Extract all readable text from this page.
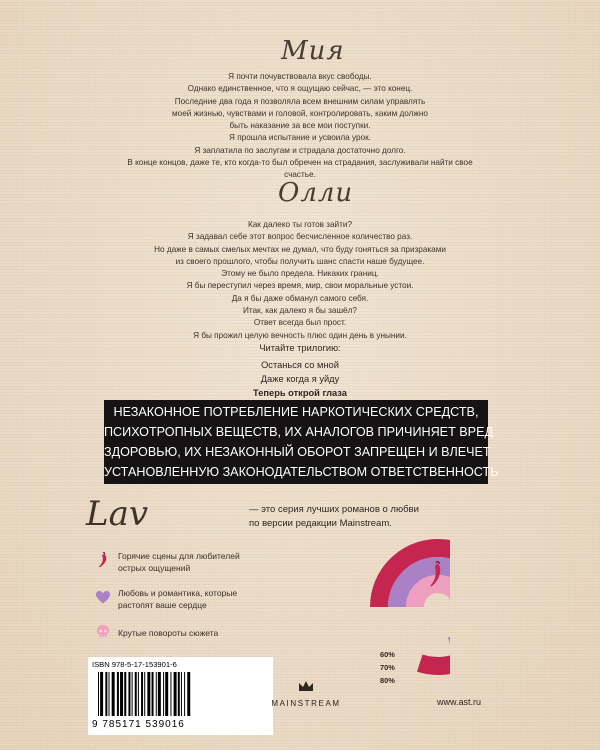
Мия
Я почти почувствовала вкус свободы.
Однако единственное, что я ощущаю сейчас, — это конец.
Последние два года я позволяла всем внешним силам управлять
моей жизнью, чувствами и головой, контролировать, каким должно
быть наказание за все мои поступки.
Я прошла испытание и усвоила урок.
Я заплатила по заслугам и страдала достаточно долго.
В конце концов, даже те, кто когда-то был обречен на страдания, заслуживали найти свое
счастье.
Олли
Как далеко ты готов зайти?
Я задавал себе этот вопрос бесчисленное количество раз.
Но даже в самых смелых мечтах не думал, что буду гоняться за призраками
из своего прошлого, чтобы получить шанс спасти наше будущее.
Этому не было предела. Никаких границ.
Я бы переступил через время, мир, свои моральные устои.
Да я бы даже обманул самого себя.
Итак, как далеко я бы зашёл?
Ответ всегда был прост.
Я бы прожил целую вечность плюс один день в унынии.
Читайте трилогию:
Останься со мной
Даже когда я уйду
Теперь открой глаза
НЕЗАКОННОЕ ПОТРЕБЛЕНИЕ НАРКОТИЧЕСКИХ СРЕДСТВ,
ПСИХОТРОПНЫХ ВЕЩЕСТВ, ИХ АНАЛОГОВ ПРИЧИНЯЕТ ВРЕД
ЗДОРОВЬЮ, ИХ НЕЗАКОННЫЙ ОБОРОТ ЗАПРЕЩЕН И ВЛЕЧЕТ
УСТАНОВЛЕННУЮ ЗАКОНОДАТЕЛЬСТВОМ ОТВЕТСТВЕННОСТЬ
Lav	— это серия лучших романов о любви
по версии редакции Mainstream.
Горячие сцены для любителей
острых ощущений
Любовь и романтика, которые
растопят ваше сердце
Крутые повороты сюжета
60%
70%
80%
ISBN 978-5-17-153901-6
9 785171 539016
MAINSTREAM	www.ast.ru
